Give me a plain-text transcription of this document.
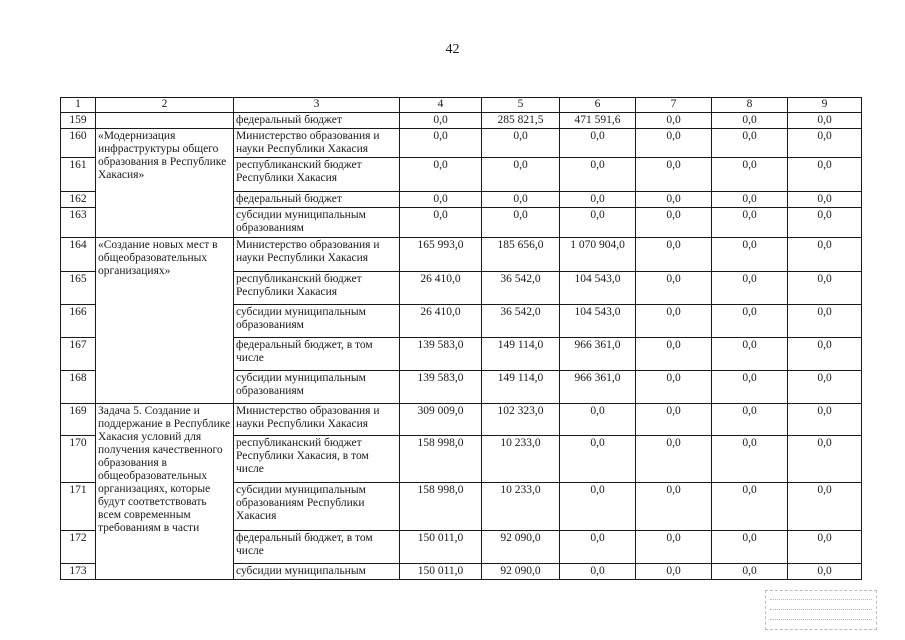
42
1	2	3	4	5	6	7	8	9
159		федеральный бюджет	0,0	285 821,5	471 591,6	0,0	0,0	0,0
160	«Модернизация инфраструктуры общего образования в Республике Хакасия»	Министерство образования и науки Республики Хакасия	0,0	0,0	0,0	0,0	0,0	0,0
161		республиканский бюджет Республики Хакасия	0,0	0,0	0,0	0,0	0,0	0,0
162		федеральный бюджет	0,0	0,0	0,0	0,0	0,0	0,0
163		субсидии муниципальным образованиям	0,0	0,0	0,0	0,0	0,0	0,0
164	«Создание новых мест в общеобразовательных организациях»	Министерство образования и науки Республики Хакасия	165 993,0	185 656,0	1 070 904,0	0,0	0,0	0,0
165		республиканский бюджет Республики Хакасия	26 410,0	36 542,0	104 543,0	0,0	0,0	0,0
166		субсидии муниципальным образованиям	26 410,0	36 542,0	104 543,0	0,0	0,0	0,0
167		федеральный бюджет, в том числе	139 583,0	149 114,0	966 361,0	0,0	0,0	0,0
168		субсидии муниципальным образованиям	139 583,0	149 114,0	966 361,0	0,0	0,0	0,0
169	Задача 5. Создание и поддержание в Республике Хакасия условий для получения качественного образования в общеобразовательных организациях, которые будут соответствовать всем современным требованиям в части	Министерство образования и науки Республики Хакасия	309 009,0	102 323,0	0,0	0,0	0,0	0,0
170		республиканский бюджет Республики Хакасия, в том числе	158 998,0	10 233,0	0,0	0,0	0,0	0,0
171		субсидии муниципальным образованиям Республики Хакасия	158 998,0	10 233,0	0,0	0,0	0,0	0,0
172		федеральный бюджет, в том числе	150 011,0	92 090,0	0,0	0,0	0,0	0,0
173		субсидии муниципальным	150 011,0	92 090,0	0,0	0,0	0,0	0,0
